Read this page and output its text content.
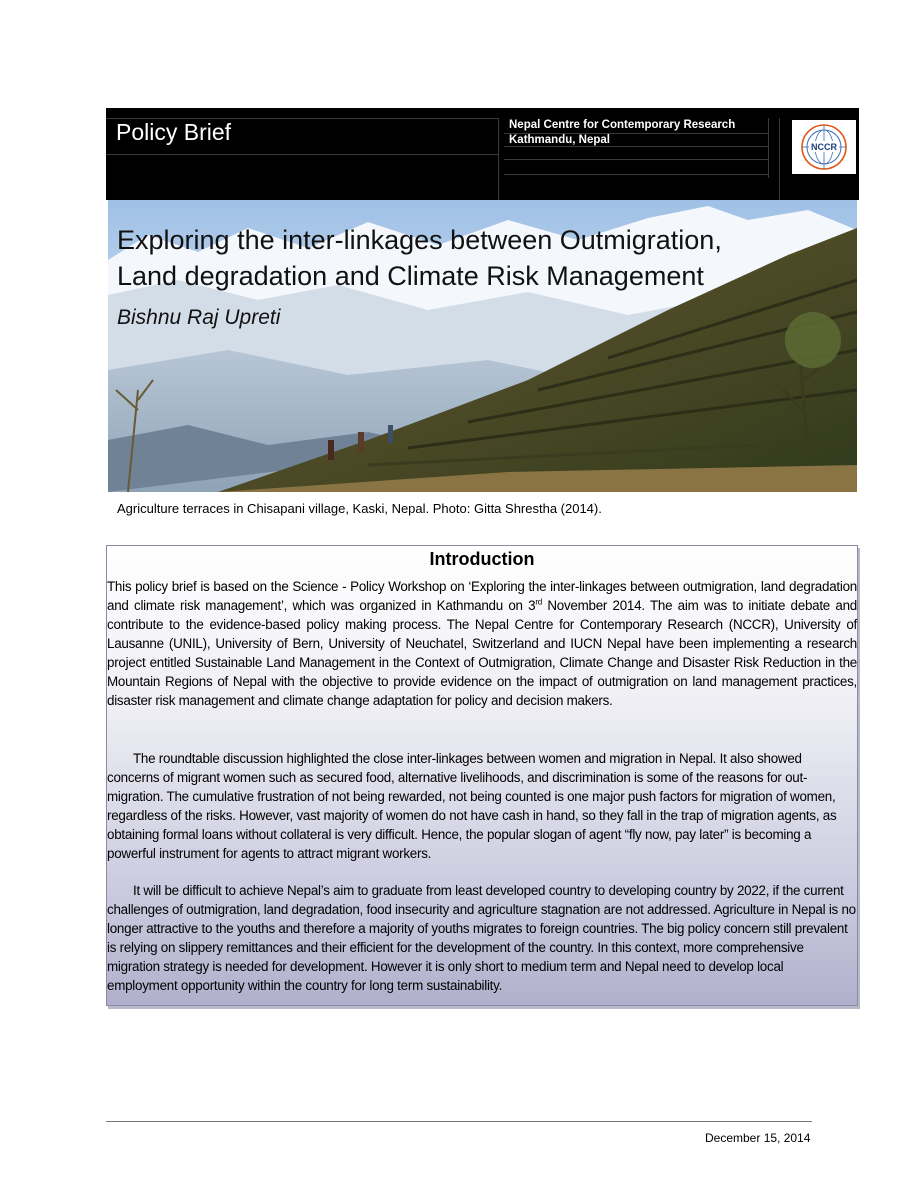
Policy Brief	Nepal Centre for Contemporary Research
Kathmandu, Nepal
NCCR
Exploring the inter-linkages between Outmigration,
Land degradation and Climate Risk Management
Bishnu Raj Upreti
Agriculture terraces in Chisapani village, Kaski, Nepal. Photo: Gitta Shrestha (2014).
Introduction
This policy brief is based on the Science - Policy Workshop on ‘Exploring the inter-linkages between outmigration, land degradation and climate risk management’, which was organized in Kathmandu on 3rd November 2014. The aim was to initiate debate and contribute to the evidence-based policy making process. The Nepal Centre for Contemporary Research (NCCR), University of Lausanne (UNIL), University of Bern, University of Neuchatel, Switzerland and IUCN Nepal have been implementing a research project entitled Sustainable Land Management in the Context of Outmigration, Climate Change and Disaster Risk Reduction in the Mountain Regions of Nepal with the objective to provide evidence on the impact of outmigration on land management practices, disaster risk management and climate change adaptation for policy and decision makers.
The roundtable discussion highlighted the close inter-linkages between women and migration in Nepal. It also showed concerns of migrant women such as secured food, alternative livelihoods, and discrimination is some of the reasons for out-migration. The cumulative frustration of not being rewarded, not being counted is one major push factors for migration of women, regardless of the risks. However, vast majority of women do not have cash in hand, so they fall in the trap of migration agents, as obtaining formal loans without collateral is very difficult. Hence, the popular slogan of agent “fly now, pay later” is becoming a powerful instrument for agents to attract migrant workers.
It will be difficult to achieve Nepal’s aim to graduate from least developed country to developing country by 2022, if the current challenges of outmigration, land degradation, food insecurity and agriculture stagnation are not addressed. Agriculture in Nepal is no longer attractive to the youths and therefore a majority of youths migrates to foreign countries. The big policy concern still prevalent is relying on slippery remittances and their efficient for the development of the country. In this context, more comprehensive migration strategy is needed for development. However it is only short to medium term and Nepal need to develop local employment opportunity within the country for long term sustainability.
December 15, 2014
